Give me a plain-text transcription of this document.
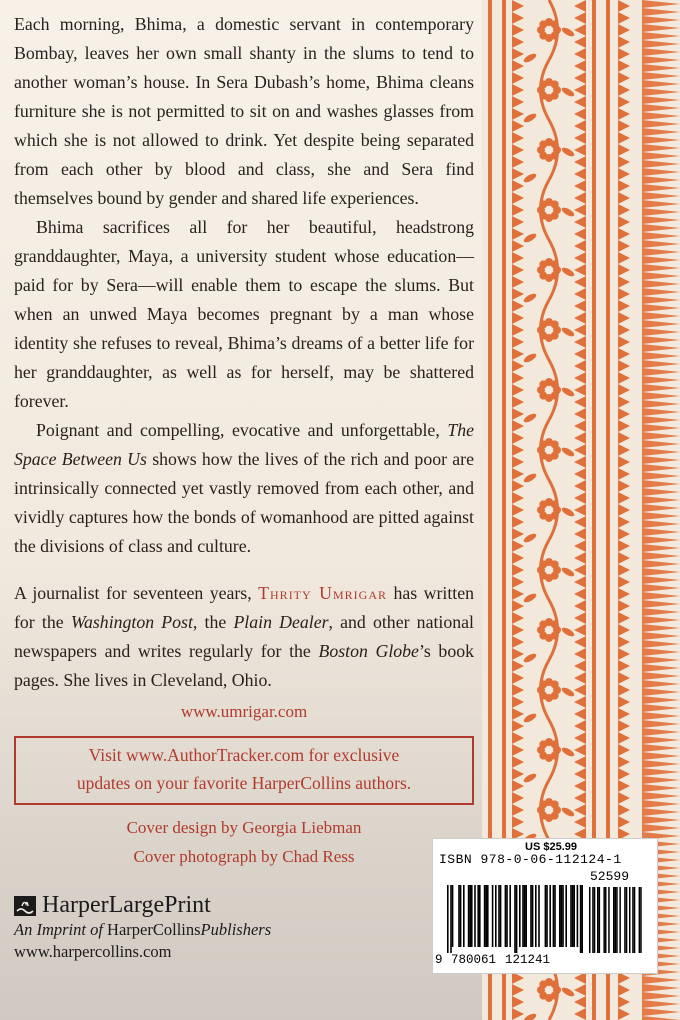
Each morning, Bhima, a domestic servant in contemporary Bombay, leaves her own small shanty in the slums to tend to another woman’s house. In Sera Dubash’s home, Bhima cleans furniture she is not permitted to sit on and washes glasses from which she is not allowed to drink. Yet despite being separated from each other by blood and class, she and Sera find themselves bound by gender and shared life experiences.

Bhima sacrifices all for her beautiful, headstrong granddaughter, Maya, a university student whose education—paid for by Sera—will enable them to escape the slums. But when an unwed Maya becomes pregnant by a man whose identity she refuses to reveal, Bhima’s dreams of a better life for her granddaughter, as well as for herself, may be shattered forever.

Poignant and compelling, evocative and unforgettable, The Space Between Us shows how the lives of the rich and poor are intrinsically connected yet vastly removed from each other, and vividly captures how the bonds of womanhood are pitted against the divisions of class and culture.

A journalist for seventeen years, Thrity Umrigar has written for the Washington Post, the Plain Dealer, and other national newspapers and writes regularly for the Boston Globe’s book pages. She lives in Cleveland, Ohio.

www.umrigar.com
Visit www.AuthorTracker.com for exclusive
updates on your favorite HarperCollins authors.
Cover design by Georgia Liebman
Cover photograph by Chad Ress
HarperLargePrint
An Imprint of HarperCollinsPublishers
www.harpercollins.com
US $25.99
ISBN 978-0-06-112124-1
52599
9 780061 121241
